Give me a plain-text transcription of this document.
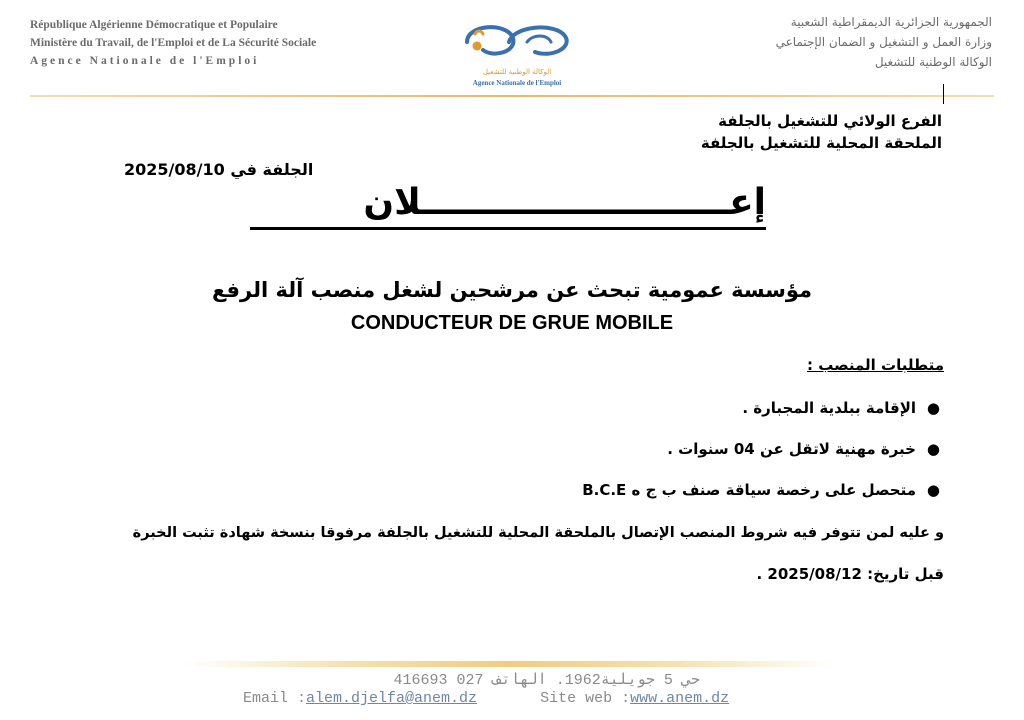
République Algérienne Démocratique et Populaire
Ministère du Travail, de l'Emploi et de La Sécurité Sociale
Agence Nationale de l'Emploi
الوكالة الوطنية للتشغيل
Agence Nationale de l'Emploi
الجمهورية الجزائرية الديمقراطية الشعبية
وزارة العمل و التشغيل و الضمان الإجتماعي
الوكالة الوطنية للتشغيل
الفرع الولائي للتشغيل بالجلفة
الملحقة المحلية للتشغيل بالجلفة
الجلفة في 2025/08/10
إعـــــــــــــــــــــــــلان
مؤسسة عمومية تبحث عن مرشحين لشغل منصب آلة الرفع
CONDUCTEUR DE GRUE MOBILE
متطلبات المنصب :
●
الإقامة ببلدية المجبارة .
●
خبرة مهنية لاتقل عن 04 سنوات .
●
متحصل على رخصة سياقة صنف ب ج ه B.C.E
و عليه لمن تتوفر فيه شروط المنصب الإتصال بالملحقة المحلية للتشغيل بالجلفة مرفوقا بنسخة شهادة تثبت الخبرة
قبل تاريخ: 2025/08/12 .
حي 5 جويلية1962. الهاتف 027 416693
Email :alem.djelfa@anem.dz	Site web :www.anem.dz
